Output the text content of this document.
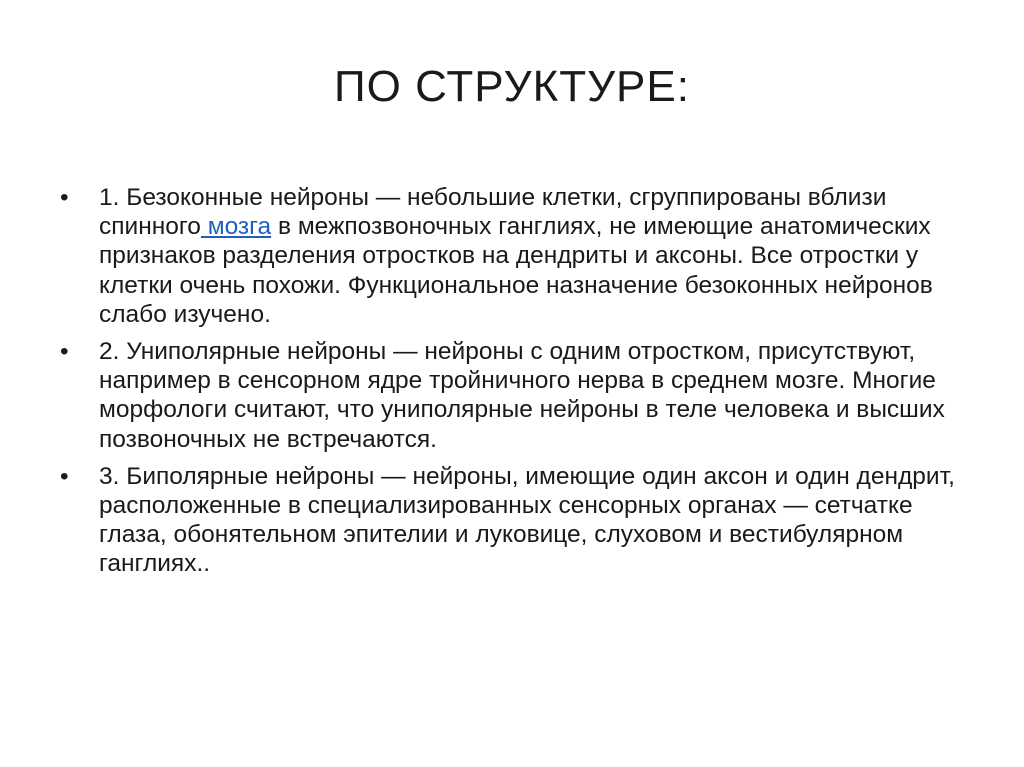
ПО СТРУКТУРЕ:
•	1. Безоконные нейроны — небольшие клетки, сгруппированы вблизи спинного мозга в межпозвоночных ганглиях, не имеющие анатомических признаков разделения отростков на дендриты и аксоны. Все отростки у клетки очень похожи. Функциональное назначение безоконных нейронов слабо изучено.
•	2. Униполярные нейроны — нейроны с одним отростком, присутствуют, например в сенсорном ядре тройничного нерва в среднем мозге. Многие морфологи считают, что униполярные нейроны в теле человека и высших позвоночных не встречаются.
•	3. Биполярные нейроны — нейроны, имеющие один аксон и один дендрит, расположенные в специализированных сенсорных органах — сетчатке глаза, обонятельном эпителии и луковице, слуховом и вестибулярном ганглиях..
